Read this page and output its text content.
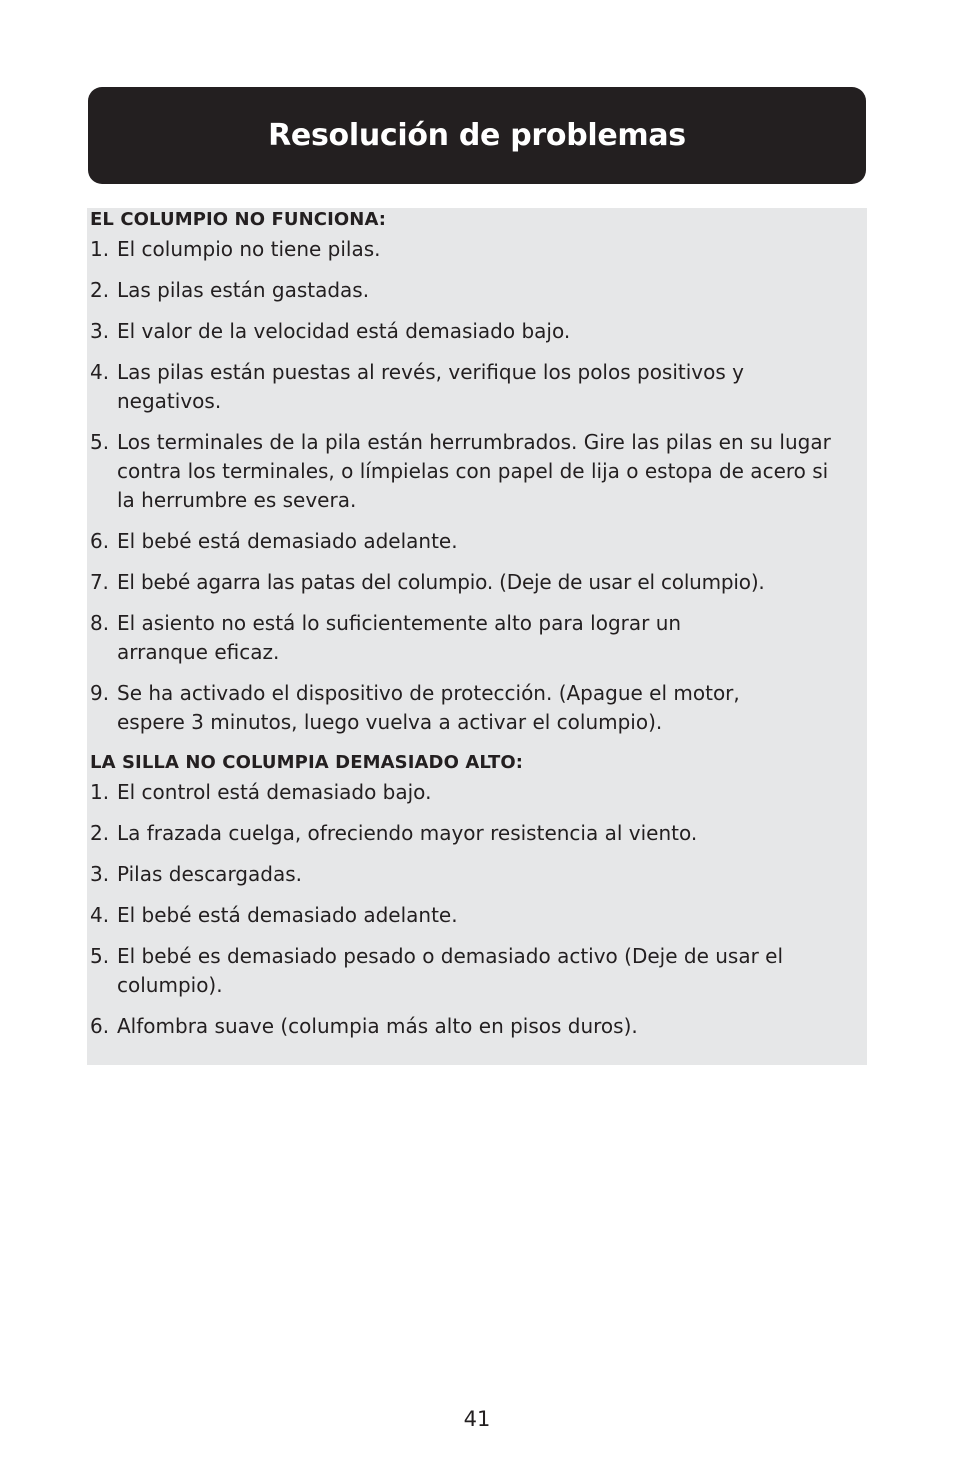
Resolución de problemas
EL COLUMPIO NO FUNCIONA:
1. El columpio no tiene pilas.
2. Las pilas están gastadas.
3. El valor de la velocidad está demasiado bajo.
4. Las pilas están puestas al revés, verifique los polos positivos y negativos.
5. Los terminales de la pila están herrumbrados. Gire las pilas en su lugar contra los terminales, o límpielas con papel de lija o estopa de acero si la herrumbre es severa.
6. El bebé está demasiado adelante.
7. El bebé agarra las patas del columpio. (Deje de usar el columpio).
8. El asiento no está lo suficientemente alto para lograr un arranque eficaz.
9. Se ha activado el dispositivo de protección. (Apague el motor, espere 3 minutos, luego vuelva a activar el columpio).
LA SILLA NO COLUMPIA DEMASIADO ALTO:
1. El control está demasiado bajo.
2. La frazada cuelga, ofreciendo mayor resistencia al viento.
3. Pilas descargadas.
4. El bebé está demasiado adelante.
5. El bebé es demasiado pesado o demasiado activo (Deje de usar el columpio).
6. Alfombra suave (columpia más alto en pisos duros).
41
